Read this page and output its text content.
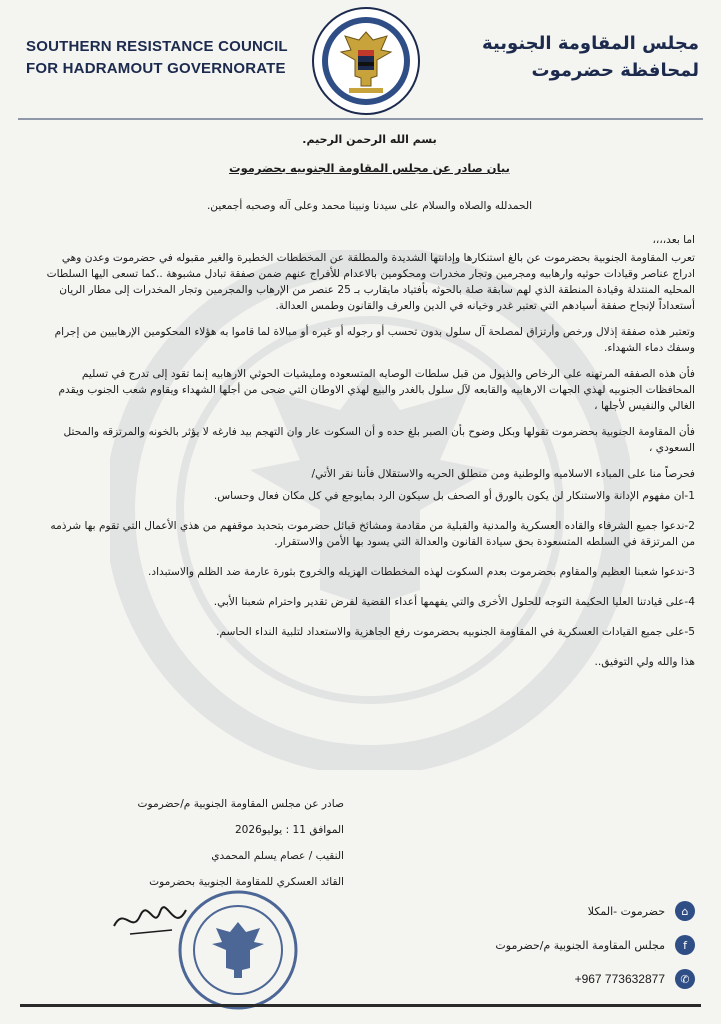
SOUTHERN RESISTANCE COUNCIL
FOR HADRAMOUT GOVERNORATE
مجلس المقاومة الجنوبية
لمحافظة حضرموت
بسم الله الرحمن الرحيم.
بيان صادر عن مجلس المقاومة الجنوبيه بحضرموت
الحمدلله والصلاه والسلام على سيدنا ونبينا محمد وعلى آله وصحبه أجمعين.
اما بعد،،،،
تعرب المقاومة الجنوبية بحضرموت عن بالغ استنكارها وإدانتها الشديدة والمطلقة عن المخططات الخطيرة والغير مقبوله في حضرموت وعدن وهي ادراج عناصر وقيادات حوثيه وارهابيه ومجرمين وتجار مخدرات ومحكومين بالاعدام للأفراج عنهم ضمن صفقة تبادل مشبوهة ..كما تسعى اليها السلطات المحليه المنتدلة وقيادة المنطقة الذي لهم سابقة صلة بالحوثه بأفتياد مايقارب بـ 25 عنصر من الإرهاب والمجرمين وتجار المخدرات إلى مطار الريان أستعداداً لإنجاح صفقة أسيادهم التي تعتبر غدر وخيانه في الدين والعرف والقانون وطمس العدالة.
وتعتبر هذه صفقة إذلال ورخص وأرتزاق لمصلحة آل سلول بدون تحسب أو رجوله أو غيره أو مبالاة لما قاموا به هؤلاء المحكومين الإرهابيين من إجرام وسفك دماء الشهداء.
فأن هذه الصفقه المرتهنه على الرخاص والذيول من قبل سلطات الوصايه المتسعوده ومليشيات الحوثي الارهابيه إنما تقود إلى تدرج في تسليم المحافظات الجنوبيه لهذي الجهات الارهابيه والقابعه لآل سلول بالغدر والبيع لهذي الاوطان التي ضحى من أجلها الشهداء ويقاوم شعب الجنوب ويقدم الغالي والنفيس لأجلها ،
فأن المقاومة الجنوبية بحضرموت تقولها وبكل وضوح بأن الصبر بلغ حده و أن السكوت عار وان التهجم بيد فارغه لا يؤثر بالخونه والمرتزقه والمحتل السعودي ،
فحرصاً منا على المبادء الاسلاميه والوطنية ومن منطلق الحريه والاستقلال فأننا نقر الأتي/
1-ان مفهوم الإدانة والاستنكار لن يكون بالورق أو الصحف بل سيكون الرد بمايوجع في كل مكان فعال وحساس.
2-ندعوا جميع الشرفاء والقاده العسكرية والمدنية والقبلية من مقادمة ومشائخ قبائل حضرموت بتحديد موقفهم من هذي الأعمال التي تقوم بها شرذمه من المرتزقة في السلطه المتسعودة بحق سيادة القانون والعدالة التي يسود بها الأمن والاستقرار.
3-ندعوا شعبنا العظيم والمقاوم بحضرموت بعدم السكوت لهذه المخططات الهزيله والخروج بثورة عارمة ضد الظلم والاستبداد.
4-على قيادتنا العليا الحكيمة التوجه للحلول الأخرى والتي يفهمها أعداء القضية لفرض تقدير واحترام شعبنا الأبي.
5-على جميع القيادات العسكرية في المقاومة الجنوبيه بحضرموت رفع الجاهزية والاستعداد لتلبية النداء الحاسم.
هذا والله ولي التوفيق..
صادر عن مجلس المقاومة الجنوبية م/حضرموت
الموافق 11 : يوليو2026
النقيب / عصام يسلم المحمدي
القائد العسكري للمقاومة الجنوبية بحضرموت
⌂
حضرموت -المكلا
f
مجلس المقاومة الجنوبية م/حضرموت
✆
+967 773632877
